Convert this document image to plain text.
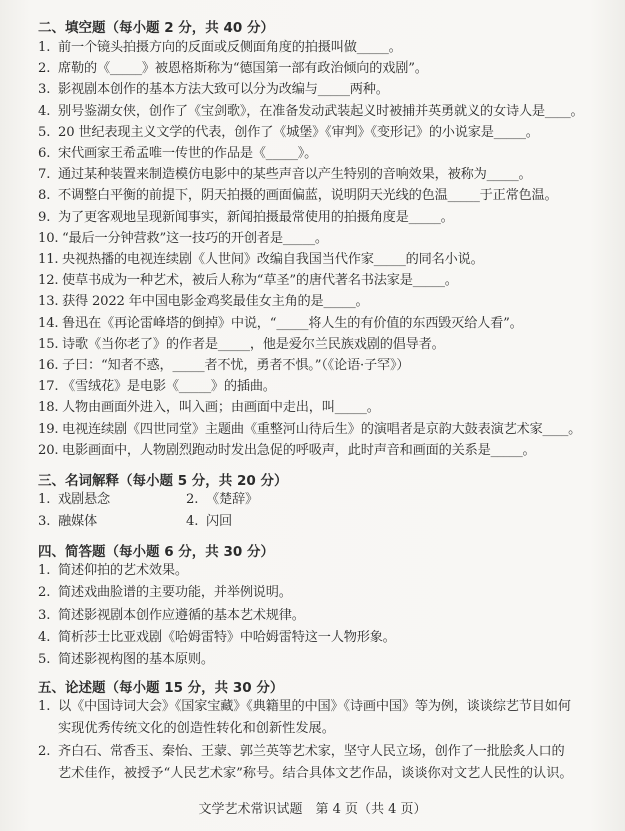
二、填空题（每小题 2 分，共 40 分）
1. 前一个镜头拍摄方向的反面或反侧面角度的拍摄叫做_____。
2. 席勒的《_____》被恩格斯称为“德国第一部有政治倾向的戏剧”。
3. 影视剧本创作的基本方法大致可以分为改编与_____两种。
4. 别号鉴湖女侠，创作了《宝剑歌》，在准备发动武装起义时被捕并英勇就义的女诗人是____。
5. 20 世纪表现主义文学的代表，创作了《城堡》《审判》《变形记》的小说家是_____。
6. 宋代画家王希孟唯一传世的作品是《_____》。
7. 通过某种装置来制造模仿电影中的某些声音以产生特别的音响效果，被称为_____。
8. 不调整白平衡的前提下，阴天拍摄的画面偏蓝，说明阴天光线的色温_____于正常色温。
9. 为了更客观地呈现新闻事实，新闻拍摄最常使用的拍摄角度是_____。
10. “最后一分钟营救”这一技巧的开创者是_____。
11. 央视热播的电视连续剧《人世间》改编自我国当代作家_____的同名小说。
12. 使草书成为一种艺术，被后人称为“草圣”的唐代著名书法家是_____。
13. 获得 2022 年中国电影金鸡奖最佳女主角的是_____。
14. 鲁迅在《再论雷峰塔的倒掉》中说，“_____将人生的有价值的东西毁灭给人看”。
15. 诗歌《当你老了》的作者是_____，他是爱尔兰民族戏剧的倡导者。
16. 子曰：“知者不惑，_____者不忧，勇者不惧。”（《论语·子罕》）
17. 《雪绒花》是电影《_____》的插曲。
18. 人物由画面外进入，叫入画；由画面中走出，叫_____。
19. 电视连续剧《四世同堂》主题曲《重整河山待后生》的演唱者是京韵大鼓表演艺术家____。
20. 电影画面中，人物剧烈跑动时发出急促的呼吸声，此时声音和画面的关系是_____。
三、名词解释（每小题 5 分，共 20 分）
1. 戏剧悬念	2. 《楚辞》
3. 融媒体	4. 闪回
四、简答题（每小题 6 分，共 30 分）
1. 简述仰拍的艺术效果。
2. 简述戏曲脸谱的主要功能，并举例说明。
3. 简述影视剧本创作应遵循的基本艺术规律。
4. 简析莎士比亚戏剧《哈姆雷特》中哈姆雷特这一人物形象。
5. 简述影视构图的基本原则。
五、论述题（每小题 15 分，共 30 分）
1. 以《中国诗词大会》《国家宝藏》《典籍里的中国》《诗画中国》等为例，谈谈综艺节目如何
实现优秀传统文化的创造性转化和创新性发展。
2. 齐白石、常香玉、秦怡、王蒙、郭兰英等艺术家，坚守人民立场，创作了一批脍炙人口的
艺术佳作，被授予“人民艺术家”称号。结合具体文艺作品，谈谈你对文艺人民性的认识。
文学艺术常识试题　第 4 页（共 4 页）
